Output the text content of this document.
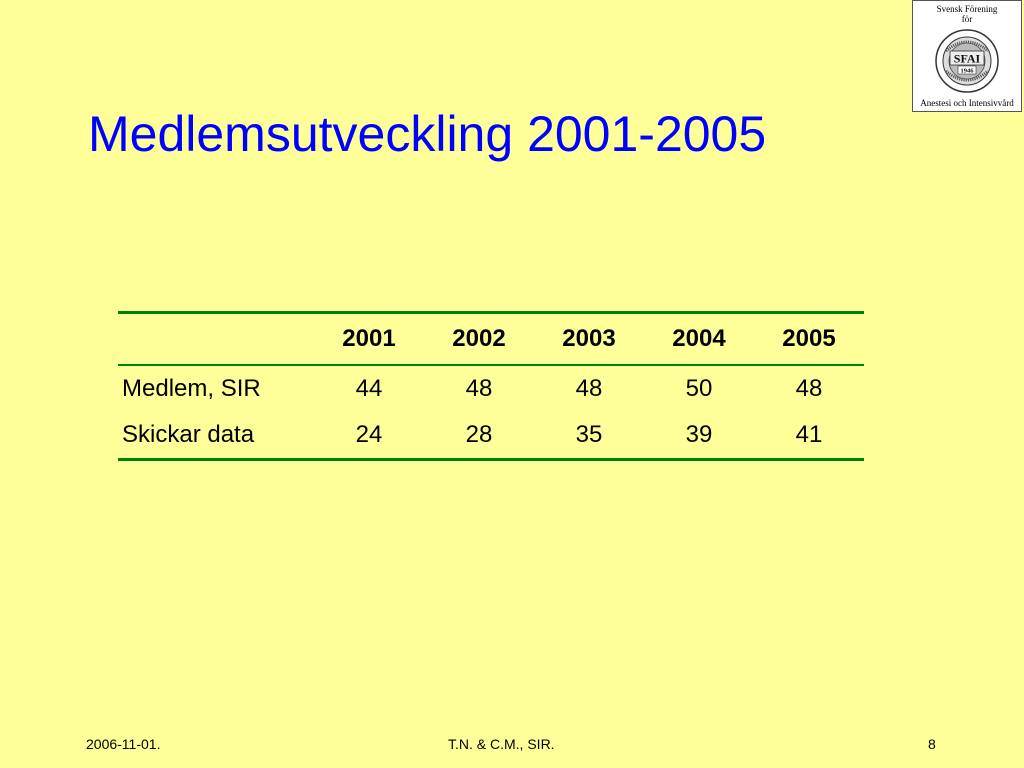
Svensk Förening
för
SFAI
1946
Anestesi och Intensivvård
Medlemsutveckling 2001-2005
	2001	2002	2003	2004	2005
Medlem, SIR	44	48	48	50	48
Skickar data	24	28	35	39	41
2006-11-01.	T.N. & C.M., SIR.	8
